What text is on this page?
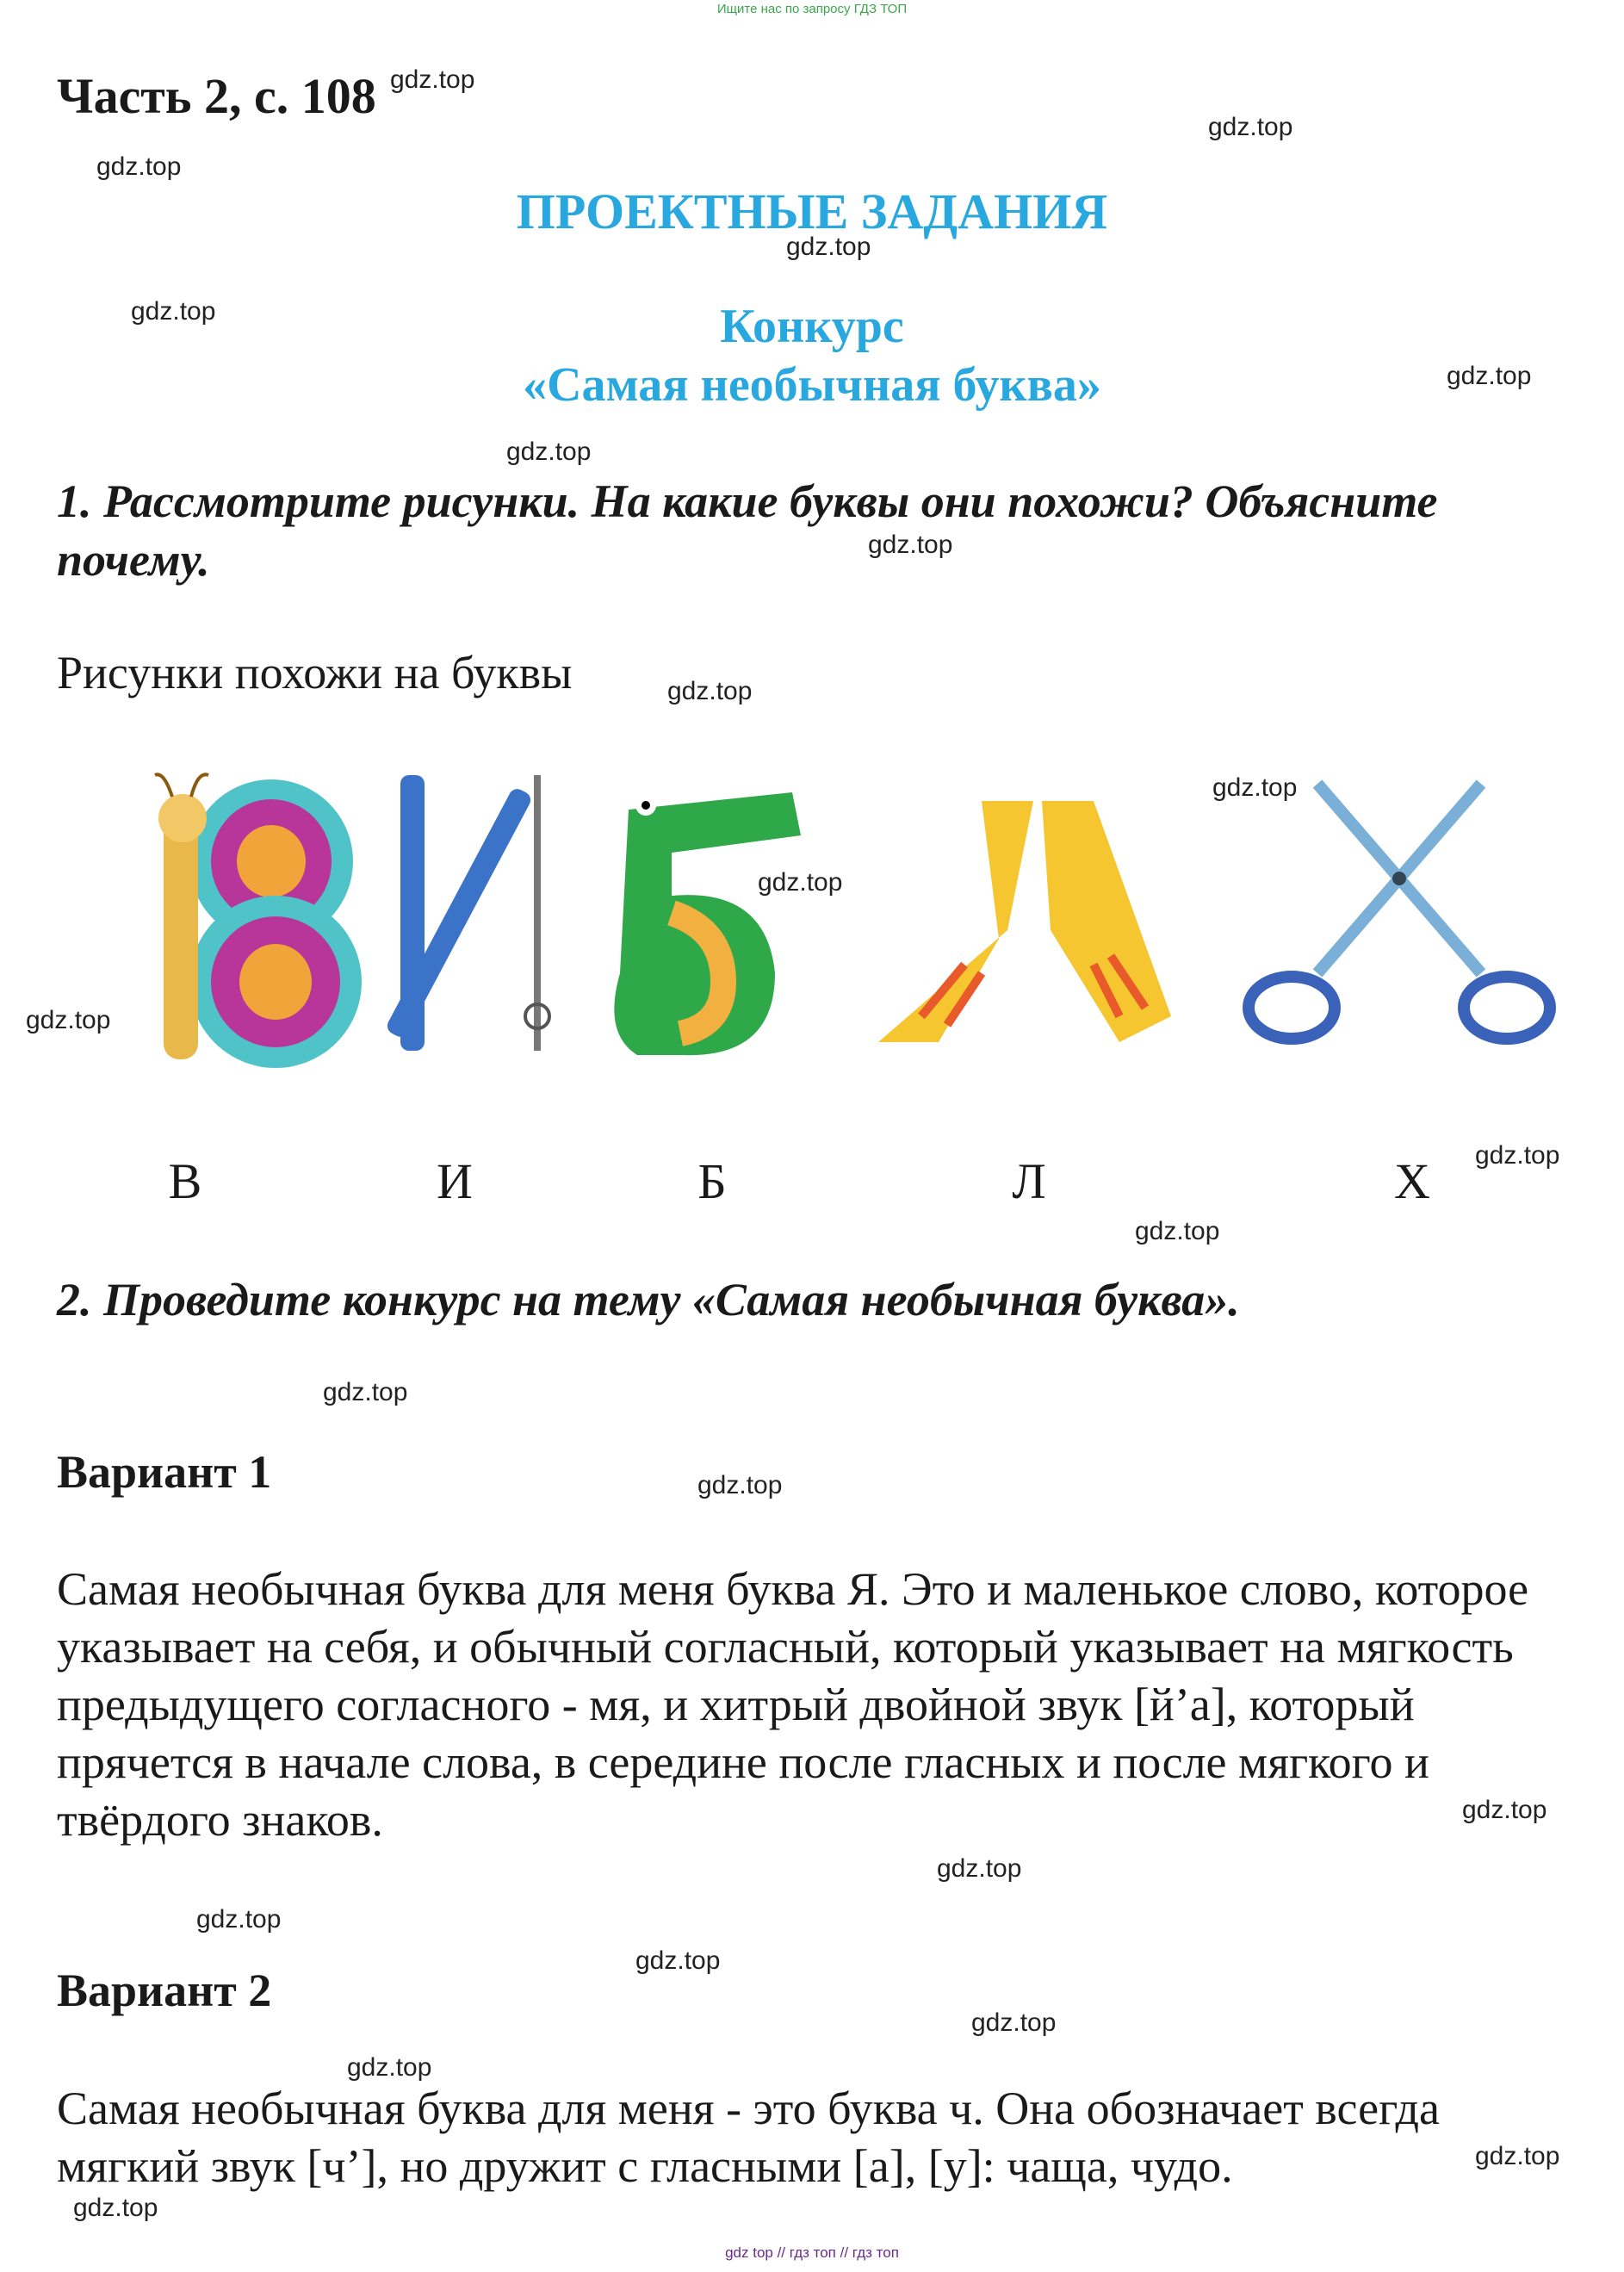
Ищите нас по запросу ГДЗ ТОП
Часть 2, с. 108
ПРОЕКТНЫЕ ЗАДАНИЯ
Конкурс
«Самая необычная буква»
1. Рассмотрите рисунки. На какие буквы они похожи? Объясните почему.
Рисунки похожи на буквы
В	И	Б	Л	Х
2. Проведите конкурс на тему «Самая необычная буква».
Вариант 1
Самая необычная буква для меня буква Я. Это и маленькое слово, которое указывает на себя, и обычный согласный, который указывает на мягкость предыдущего согласного - мя, и хитрый двойной звук [й’а], который прячется в начале слова, в середине после гласных и после мягкого и твёрдого знаков.
Вариант 2
Самая необычная буква для меня - это буква ч. Она обозначает всегда мягкий звук [ч’], но дружит с гласными [а], [у]: чаща, чудо.
gdz.top
gdz.top
gdz.top
gdz.top
gdz.top
gdz.top
gdz.top
gdz.top
gdz.top
gdz.top
gdz.top
gdz.top
gdz.top
gdz.top
gdz.top
gdz.top
gdz.top
gdz.top
gdz.top
gdz.top
gdz.top
gdz.top
gdz.top
gdz.top
gdz top // гдз топ // гдз топ
